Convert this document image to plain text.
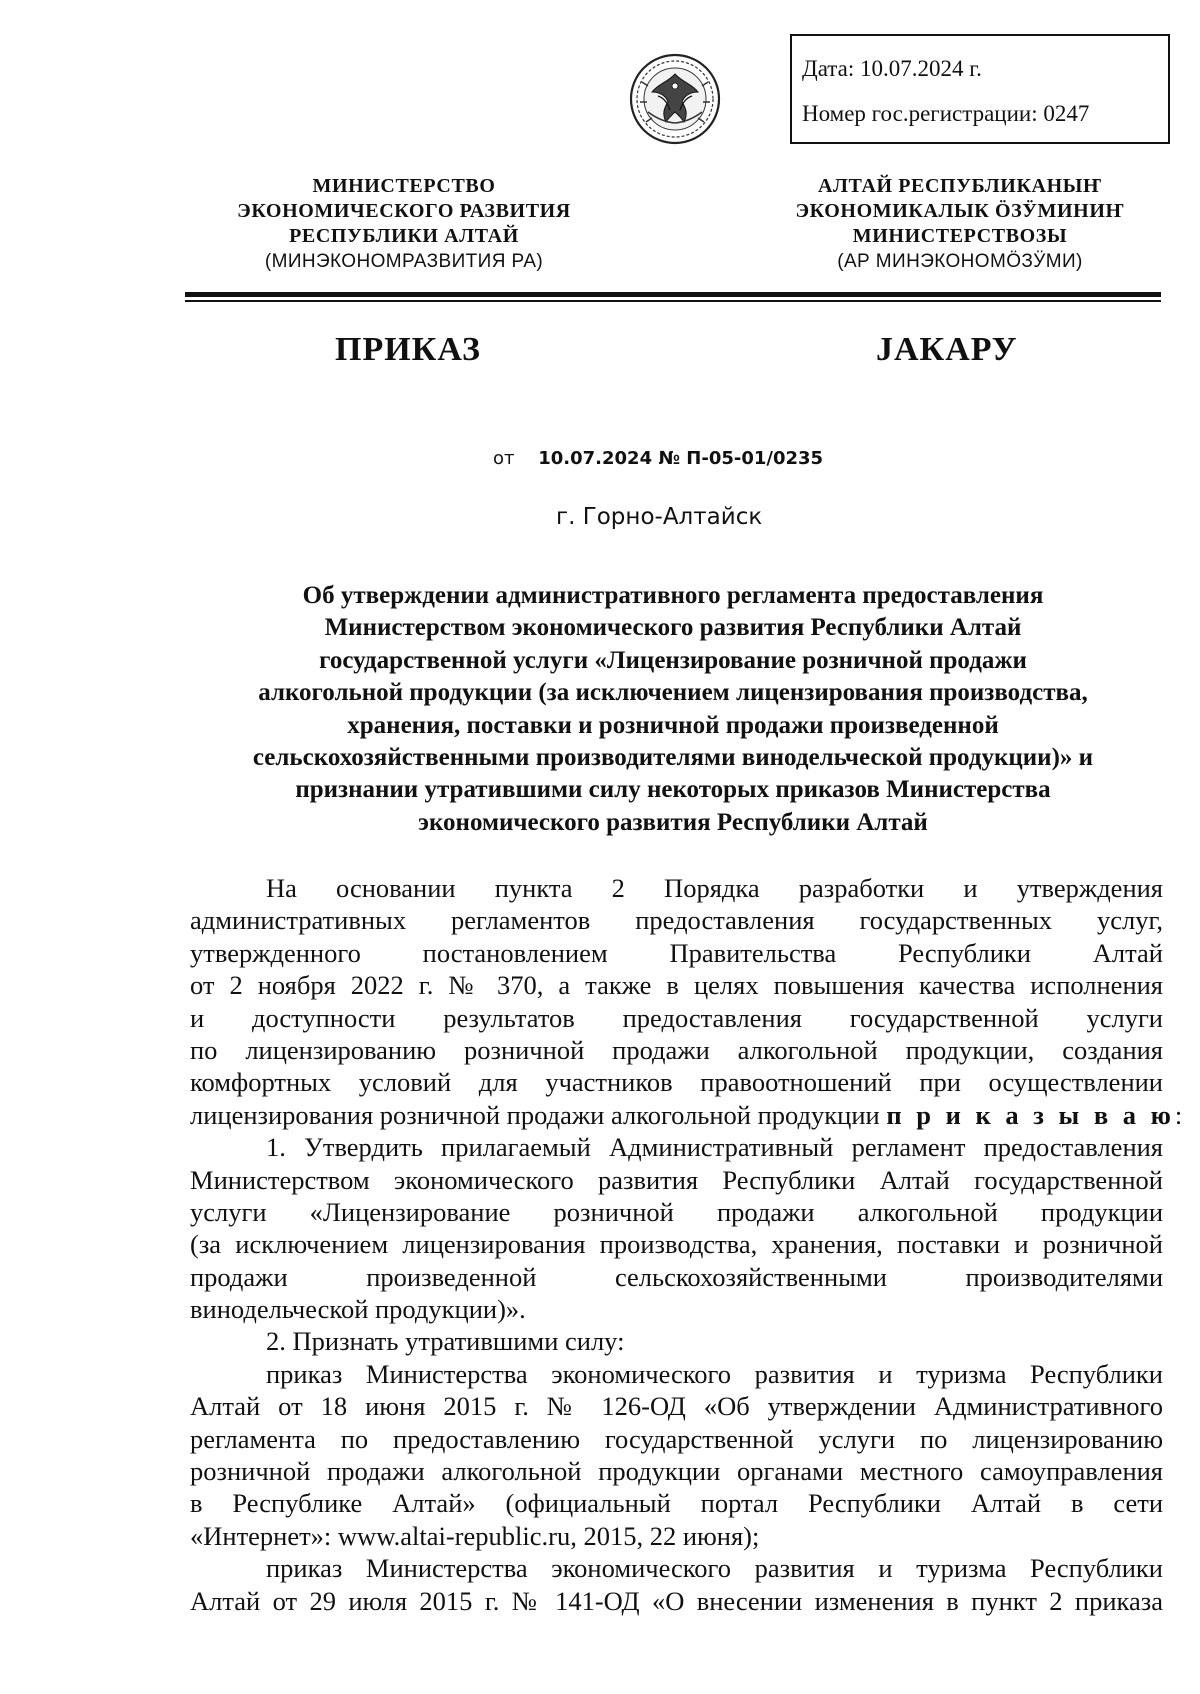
Дата: 10.07.2024 г.
Номер гос.регистрации: 0247
МИНИСТЕРСТВО
ЭКОНОМИЧЕСКОГО РАЗВИТИЯ
РЕСПУБЛИКИ АЛТАЙ
(МИНЭКОНОМРАЗВИТИЯ РА)
АЛТАЙ РЕСПУБЛИКАНЫҤ
ЭКОНОМИКАЛЫК ÖЗӰМИНИҤ
МИНИСТЕРСТВОЗЫ
(АР МИНЭКОНОМÖЗӰМИ)
ПРИКАЗ	ЈАКАРУ
от 10.07.2024 № П-05-01/0235
г. Горно-Алтайск
Об утверждении административного регламента предоставления
Министерством экономического развития Республики Алтай
государственной услуги «Лицензирование розничной продажи
алкогольной продукции (за исключением лицензирования производства,
хранения, поставки и розничной продажи произведенной
сельскохозяйственными производителями винодельческой продукции)» и
признании утратившими силу некоторых приказов Министерства
экономического развития Республики Алтай
На основании пункта 2 Порядка разработки и утверждения
административных регламентов предоставления государственных услуг,
утвержденного постановлением Правительства Республики Алтай
от 2 ноября 2022 г. № 370, а также в целях повышения качества исполнения
и доступности результатов предоставления государственной услуги
по лицензированию розничной продажи алкогольной продукции, создания
комфортных условий для участников правоотношений при осуществлении
лицензирования розничной продажи алкогольной продукции п р и к а з ы в а ю:
1. Утвердить прилагаемый Административный регламент предоставления
Министерством экономического развития Республики Алтай государственной
услуги «Лицензирование розничной продажи алкогольной продукции
(за исключением лицензирования производства, хранения, поставки и розничной
продажи произведенной сельскохозяйственными производителями
винодельческой продукции)».
2. Признать утратившими силу:
приказ Министерства экономического развития и туризма Республики
Алтай от 18 июня 2015 г. № 126-ОД «Об утверждении Административного
регламента по предоставлению государственной услуги по лицензированию
розничной продажи алкогольной продукции органами местного самоуправления
в Республике Алтай» (официальный портал Республики Алтай в сети
«Интернет»: www.altai-republic.ru, 2015, 22 июня);
приказ Министерства экономического развития и туризма Республики
Алтай от 29 июля 2015 г. № 141-ОД «О внесении изменения в пункт 2 приказа
